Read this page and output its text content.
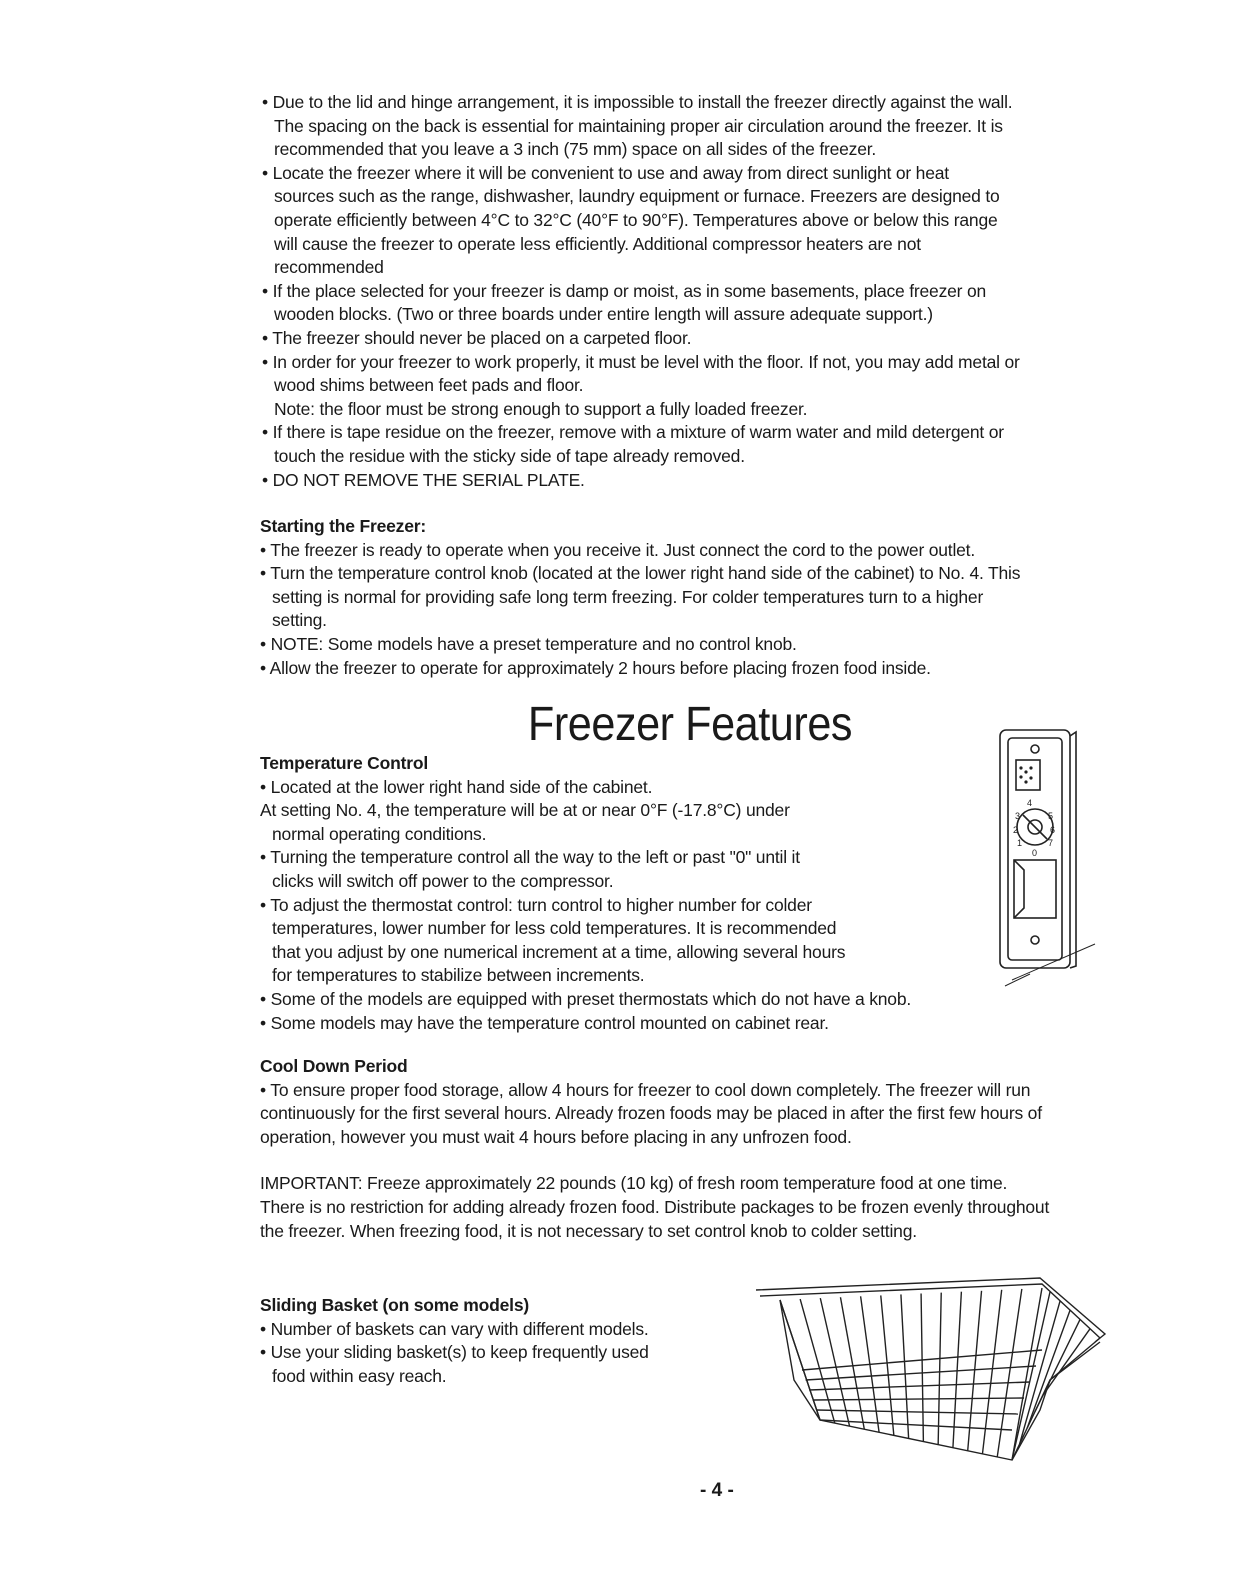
• Due to the lid and hinge arrangement, it is impossible to install the freezer directly against the wall.
The spacing on the back is essential for maintaining proper air circulation around the freezer. It is
recommended that you leave a 3 inch (75 mm) space on all sides of the freezer.

• Locate the freezer where it will be convenient to use and away from direct sunlight or heat
sources such as the range, dishwasher, laundry equipment or furnace. Freezers are designed to
operate efficiently between 4°C to 32°C (40°F to 90°F). Temperatures above or below this range
will cause the freezer to operate less efficiently. Additional compressor heaters are not
recommended

• If the place selected for your freezer is damp or moist, as in some basements, place freezer on
wooden blocks. (Two or three boards under entire length will assure adequate support.)

• The freezer should never be placed on a carpeted floor.

• In order for your freezer to work properly, it must be level with the floor. If not, you may add metal or
wood shims between feet pads and floor.
Note: the floor must be strong enough to support a fully loaded freezer.

• If there is tape residue on the freezer, remove with a mixture of warm water and mild detergent or
touch the residue with the sticky side of tape already removed.

• DO NOT REMOVE THE SERIAL PLATE.

Starting the Freezer:

• The freezer is ready to operate when you receive it. Just connect the cord to the power outlet.

• Turn the temperature control knob (located at the lower right hand side of the cabinet) to No. 4. This
setting is normal for providing safe long term freezing. For colder temperatures turn to a higher
setting.

• NOTE: Some models have a preset temperature and no control knob.

• Allow the freezer to operate for approximately 2 hours before placing frozen food inside.

Freezer Features

Temperature Control

• Located at the lower right hand side of the cabinet.

At setting No. 4, the temperature will be at or near 0°F (-17.8°C) under
normal operating conditions.

• Turning the temperature control all the way to the left or past "0" until it
clicks will switch off power to the compressor.

• To adjust the thermostat control: turn control to higher number for colder
temperatures, lower number for less cold temperatures. It is recommended
that you adjust by one numerical increment at a time, allowing several hours
for temperatures to stabilize between increments.

• Some of the models are equipped with preset thermostats which do not have a knob.

• Some models may have the temperature control mounted on cabinet rear.

4
5
6
7
3
2
1
0

Cool Down Period

• To ensure proper food storage, allow 4 hours for freezer to cool down completely. The freezer will run
continuously for the first several hours. Already frozen foods may be placed in after the first few hours of
operation, however you must wait 4 hours before placing in any unfrozen food.

IMPORTANT: Freeze approximately 22 pounds (10 kg) of fresh room temperature food at one time.
There is no restriction for adding already frozen food. Distribute packages to be frozen evenly throughout
the freezer. When freezing food, it is not necessary to set control knob to colder setting.

Sliding Basket (on some models)

• Number of baskets can vary with different models.

• Use your sliding basket(s) to keep frequently used
food within easy reach.

- 4 -
